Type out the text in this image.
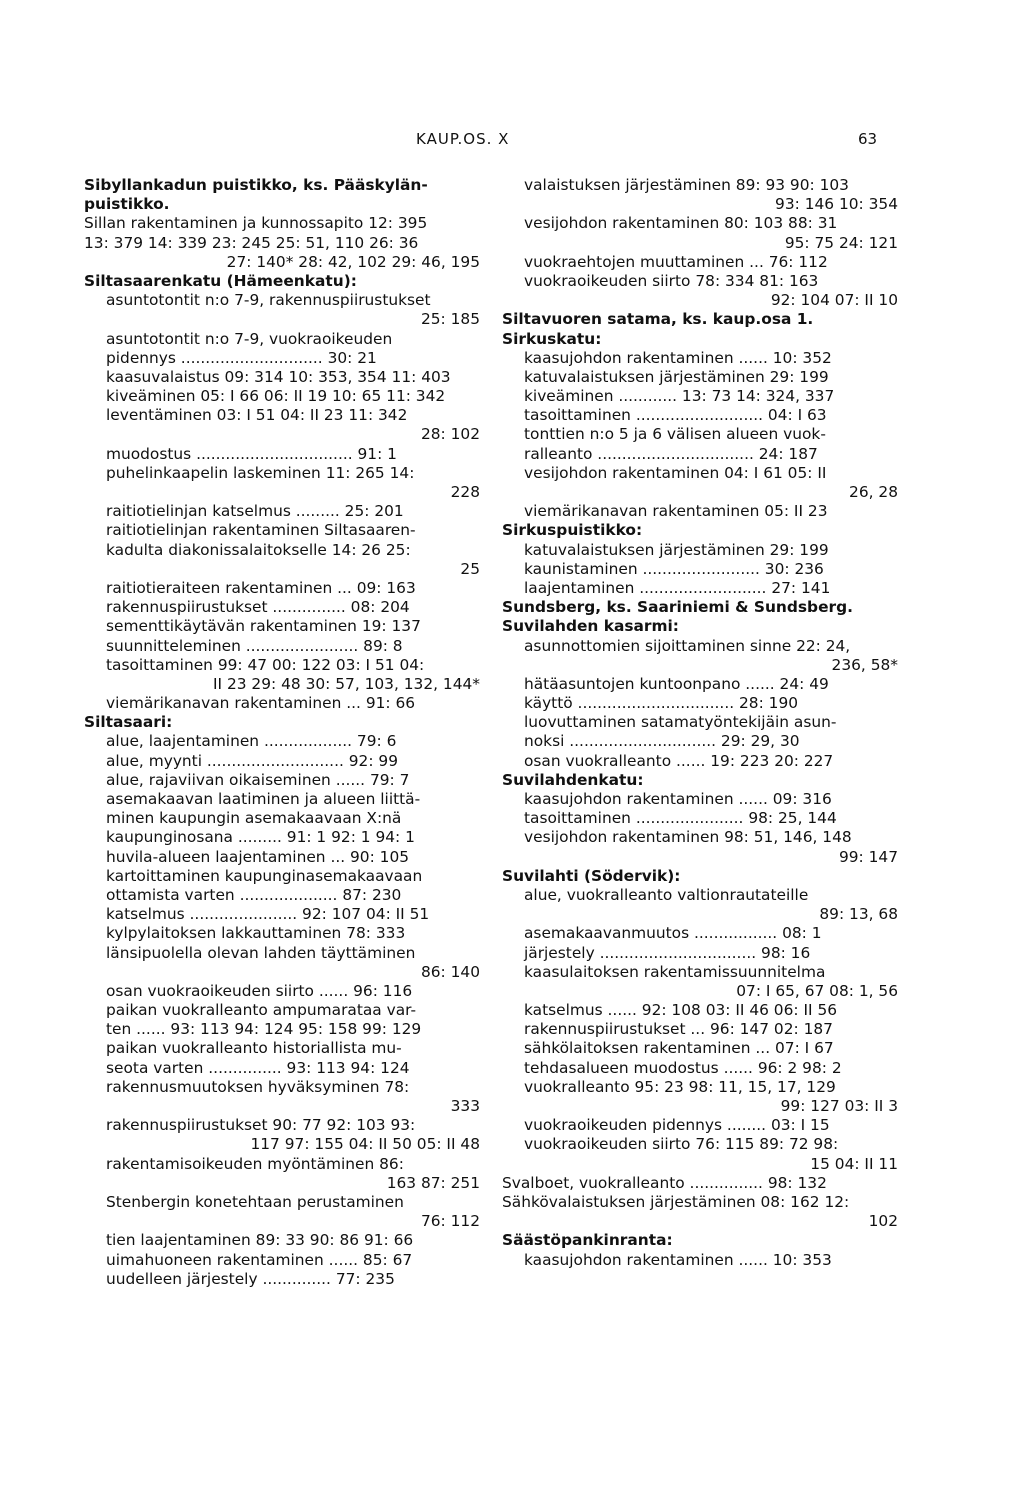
KAUP.OS. X	63
Sibyllankadun puistikko, ks. Pääskylän-
puistikko.
Sillan rakentaminen ja kunnossapito 12: 395
13: 379 14: 339 23: 245 25: 51, 110 26: 36
27: 140* 28: 42, 102 29: 46, 195
Siltasaarenkatu (Hämeenkatu):
asuntotontit n:o 7-9, rakennuspiirustukset
25: 185
asuntotontit n:o 7-9, vuokraoikeuden
pidennys ............................. 30: 21
kaasuvalaistus 09: 314 10: 353, 354 11: 403
kiveäminen 05: I 66 06: II 19 10: 65 11: 342
leventäminen 03: I 51 04: II 23 11: 342
28: 102
muodostus ................................ 91: 1
puhelinkaapelin laskeminen 11: 265 14:
228
raitiotielinjan katselmus ......... 25: 201
raitiotielinjan rakentaminen Siltasaaren-
kadulta diakonissalaitokselle 14: 26 25:
25
raitiotieraiteen rakentaminen ... 09: 163
rakennuspiirustukset ............... 08: 204
sementtikäytävän rakentaminen 19: 137
suunnitteleminen ....................... 89: 8
tasoittaminen 99: 47 00: 122 03: I 51 04:
II 23 29: 48 30: 57, 103, 132, 144*
viemärikanavan rakentaminen ... 91: 66
Siltasaari:
alue, laajentaminen .................. 79: 6
alue, myynti ............................ 92: 99
alue, rajaviivan oikaiseminen ...... 79: 7
asemakaavan laatiminen ja alueen liittä-
minen kaupungin asemakaavaan X:nä
kaupunginosana ......... 91: 1 92: 1 94: 1
huvila-alueen laajentaminen ... 90: 105
kartoittaminen kaupunginasemakaavaan
ottamista varten .................... 87: 230
katselmus ...................... 92: 107 04: II 51
kylpylaitoksen lakkauttaminen 78: 333
länsipuolella olevan lahden täyttäminen
86: 140
osan vuokraoikeuden siirto ...... 96: 116
paikan vuokralleanto ampumarataa var-
ten ...... 93: 113 94: 124 95: 158 99: 129
paikan vuokralleanto historiallista mu-
seota varten ............... 93: 113 94: 124
rakennusmuutoksen hyväksyminen 78:
333
rakennuspiirustukset 90: 77 92: 103 93:
117 97: 155 04: II 50 05: II 48
rakentamisoikeuden myöntäminen 86:
163 87: 251
Stenbergin konetehtaan perustaminen
76: 112
tien laajentaminen 89: 33 90: 86 91: 66
uimahuoneen rakentaminen ...... 85: 67
uudelleen järjestely .............. 77: 235
valaistuksen järjestäminen 89: 93 90: 103
93: 146 10: 354
vesijohdon rakentaminen 80: 103 88: 31
95: 75 24: 121
vuokraehtojen muuttaminen ... 76: 112
vuokraoikeuden siirto 78: 334 81: 163
92: 104 07: II 10
Siltavuoren satama, ks. kaup.osa 1.
Sirkuskatu:
kaasujohdon rakentaminen ...... 10: 352
katuvalaistuksen järjestäminen 29: 199
kiveäminen ............ 13: 73 14: 324, 337
tasoittaminen .......................... 04: I 63
tonttien n:o 5 ja 6 välisen alueen vuok-
ralleanto ................................ 24: 187
vesijohdon rakentaminen 04: I 61 05: II
26, 28
viemärikanavan rakentaminen 05: II 23
Sirkuspuistikko:
katuvalaistuksen järjestäminen 29: 199
kaunistaminen ........................ 30: 236
laajentaminen .......................... 27: 141
Sundsberg, ks. Saariniemi & Sundsberg.
Suvilahden kasarmi:
asunnottomien sijoittaminen sinne 22: 24,
236, 58*
hätäasuntojen kuntoonpano ...... 24: 49
käyttö ................................ 28: 190
luovuttaminen satamatyöntekijäin asun-
noksi .............................. 29: 29, 30
osan vuokralleanto ...... 19: 223 20: 227
Suvilahdenkatu:
kaasujohdon rakentaminen ...... 09: 316
tasoittaminen ...................... 98: 25, 144
vesijohdon rakentaminen 98: 51, 146, 148
99: 147
Suvilahti (Södervik):
alue, vuokralleanto valtionrautateille
89: 13, 68
asemakaavanmuutos ................. 08: 1
järjestely ................................ 98: 16
kaasulaitoksen rakentamissuunnitelma
07: I 65, 67 08: 1, 56
katselmus ...... 92: 108 03: II 46 06: II 56
rakennuspiirustukset ... 96: 147 02: 187
sähkölaitoksen rakentaminen ... 07: I 67
tehdasalueen muodostus ...... 96: 2 98: 2
vuokralleanto 95: 23 98: 11, 15, 17, 129
99: 127 03: II 3
vuokraoikeuden pidennys ........ 03: I 15
vuokraoikeuden siirto 76: 115 89: 72 98:
15 04: II 11
Svalboet, vuokralleanto ............... 98: 132
Sähkövalaistuksen järjestäminen 08: 162 12:
102
Säästöpankinranta:
kaasujohdon rakentaminen ...... 10: 353
